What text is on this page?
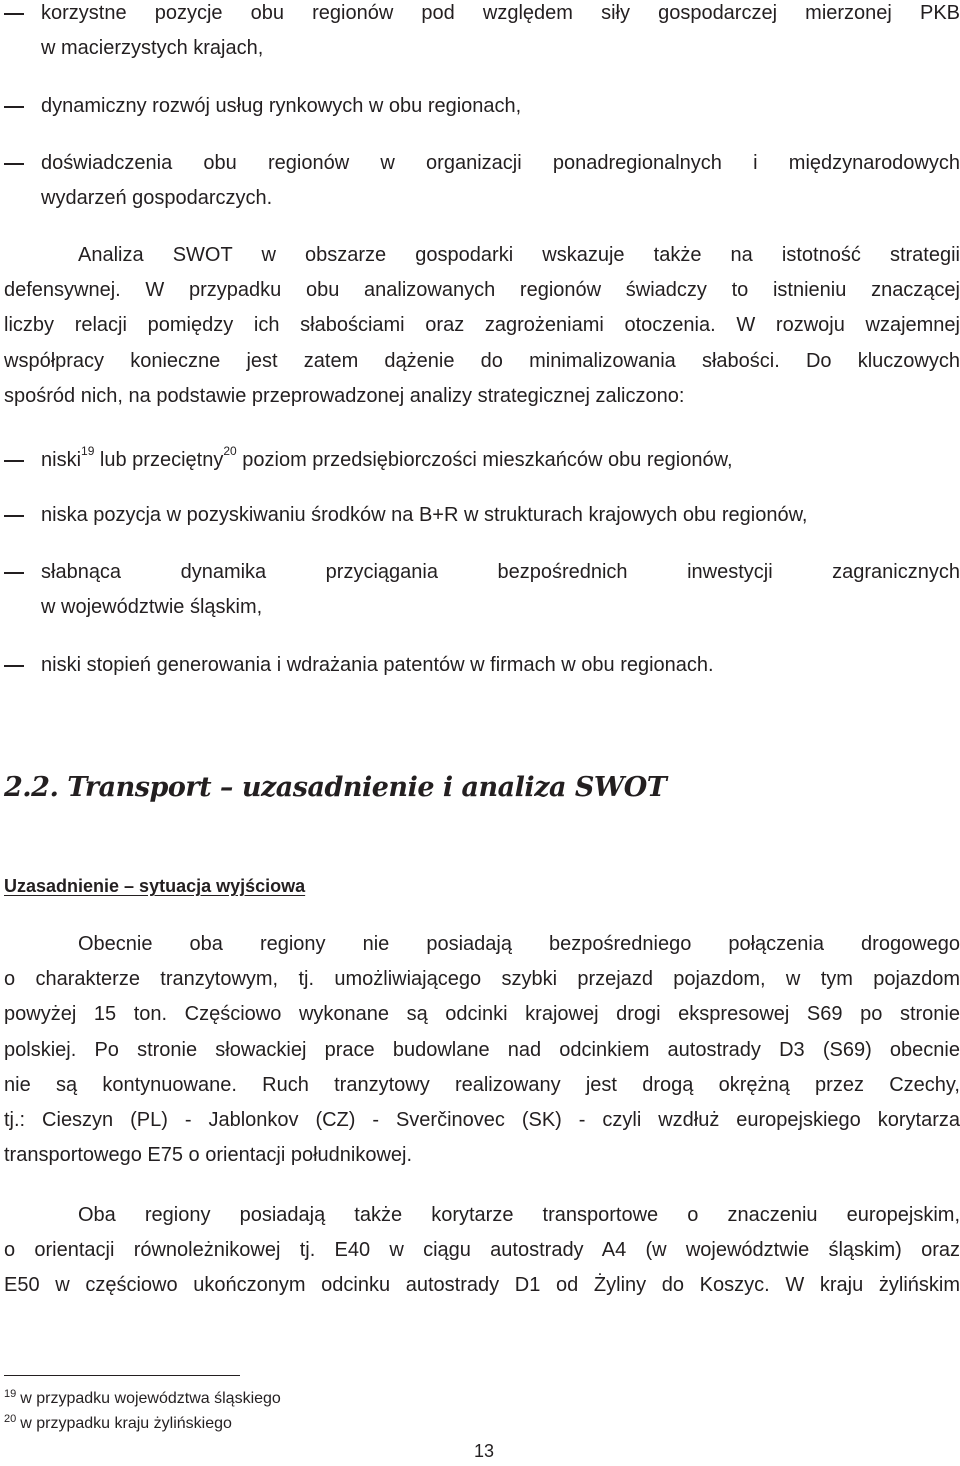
korzystne pozycje obu regionów pod względem siły gospodarczej mierzonej PKB
w macierzystych krajach,
dynamiczny rozwój usług rynkowych w obu regionach,
doświadczenia obu regionów w organizacji ponadregionalnych i międzynarodowych
wydarzeń gospodarczych.
Analiza SWOT w obszarze gospodarki wskazuje także na istotność strategii
defensywnej. W przypadku obu analizowanych regionów świadczy to istnieniu znaczącej
liczby relacji pomiędzy ich słabościami oraz zagrożeniami otoczenia. W rozwoju wzajemnej
współpracy konieczne jest zatem dążenie do minimalizowania słabości. Do kluczowych
spośród nich, na podstawie przeprowadzonej analizy strategicznej zaliczono:
niski$^{19}$ lub przeciętny$^{20}$ poziom przedsiębiorczości mieszkańców obu regionów,
niska pozycja w pozyskiwaniu środków na B+R w strukturach krajowych obu regionów,
słabnąca dynamika przyciągania bezpośrednich inwestycji zagranicznych
w województwie śląskim,
niski stopień generowania i wdrażania patentów w firmach w obu regionach.
2.2. Transport – uzasadnienie i analiza SWOT
Uzasadnienie – sytuacja wyjściowa
Obecnie oba regiony nie posiadają bezpośredniego połączenia drogowego
o charakterze tranzytowym, tj. umożliwiającego szybki przejazd pojazdom, w tym pojazdom
powyżej 15 ton. Częściowo wykonane są odcinki krajowej drogi ekspresowej S69 po stronie
polskiej. Po stronie słowackiej prace budowlane nad odcinkiem autostrady D3 (S69) obecnie
nie są kontynuowane. Ruch tranzytowy realizowany jest drogą okrężną przez Czechy,
tj.: Cieszyn (PL) - Jablonkov (CZ) - Sverčinovec (SK) - czyli wzdłuż europejskiego korytarza
transportowego E75 o orientacji południkowej.
Oba regiony posiadają także korytarze transportowe o znaczeniu europejskim,
o orientacji równoleżnikowej tj. E40 w ciągu autostrady A4 (w województwie śląskim) oraz
E50 w częściowo ukończonym odcinku autostrady D1 od Żyliny do Koszyc. W kraju żylińskim
$^{19}$ w przypadku województwa śląskiego
$^{20}$ w przypadku kraju żylińskiego
13
